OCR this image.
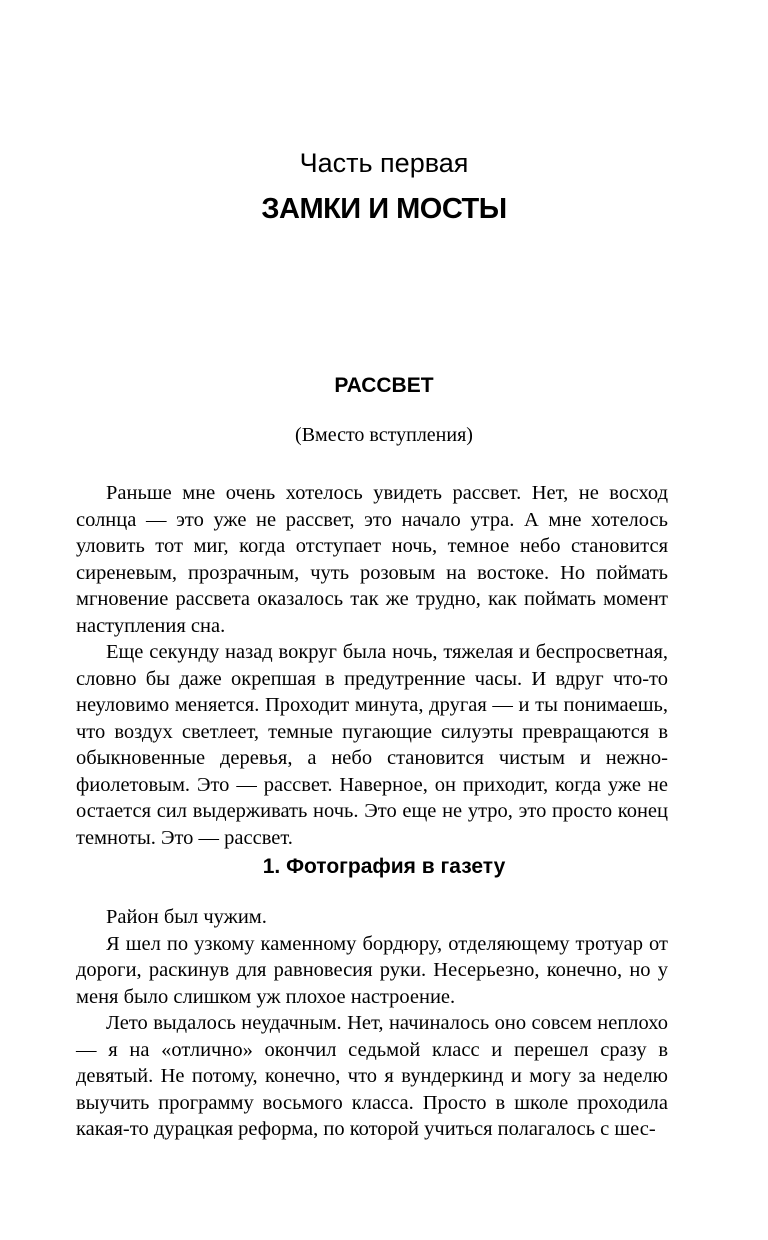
Часть первая
ЗАМКИ И МОСТЫ
РАССВЕТ
(Вместо вступления)

Раньше мне очень хотелось увидеть рассвет. Нет, не восход солнца — это уже не рассвет, это начало утра. А мне хотелось уловить тот миг, когда отступает ночь, темное небо становится сиреневым, прозрачным, чуть розовым на востоке. Но поймать мгновение рассвета оказалось так же трудно, как поймать момент наступления сна.

Еще секунду назад вокруг была ночь, тяжелая и беспросветная, словно бы даже окрепшая в предутренние часы. И вдруг что-то неуловимо меняется. Проходит минута, другая — и ты понимаешь, что воздух светлеет, темные пугающие силуэты превращаются в обыкновенные деревья, а небо становится чистым и нежно-фиолетовым. Это — рассвет. Наверное, он приходит, когда уже не остается сил выдерживать ночь. Это еще не утро, это просто конец темноты. Это — рассвет.

1. Фотография в газету

Район был чужим.

Я шел по узкому каменному бордюру, отделяющему тротуар от дороги, раскинув для равновесия руки. Несерьезно, конечно, но у меня было слишком уж плохое настроение.

Лето выдалось неудачным. Нет, начиналось оно совсем неплохо — я на «отлично» окончил седьмой класс и перешел сразу в девятый. Не потому, конечно, что я вундеркинд и могу за неделю выучить программу восьмого класса. Просто в школе проходила какая-то дурацкая реформа, по которой учиться полагалось с шес-
